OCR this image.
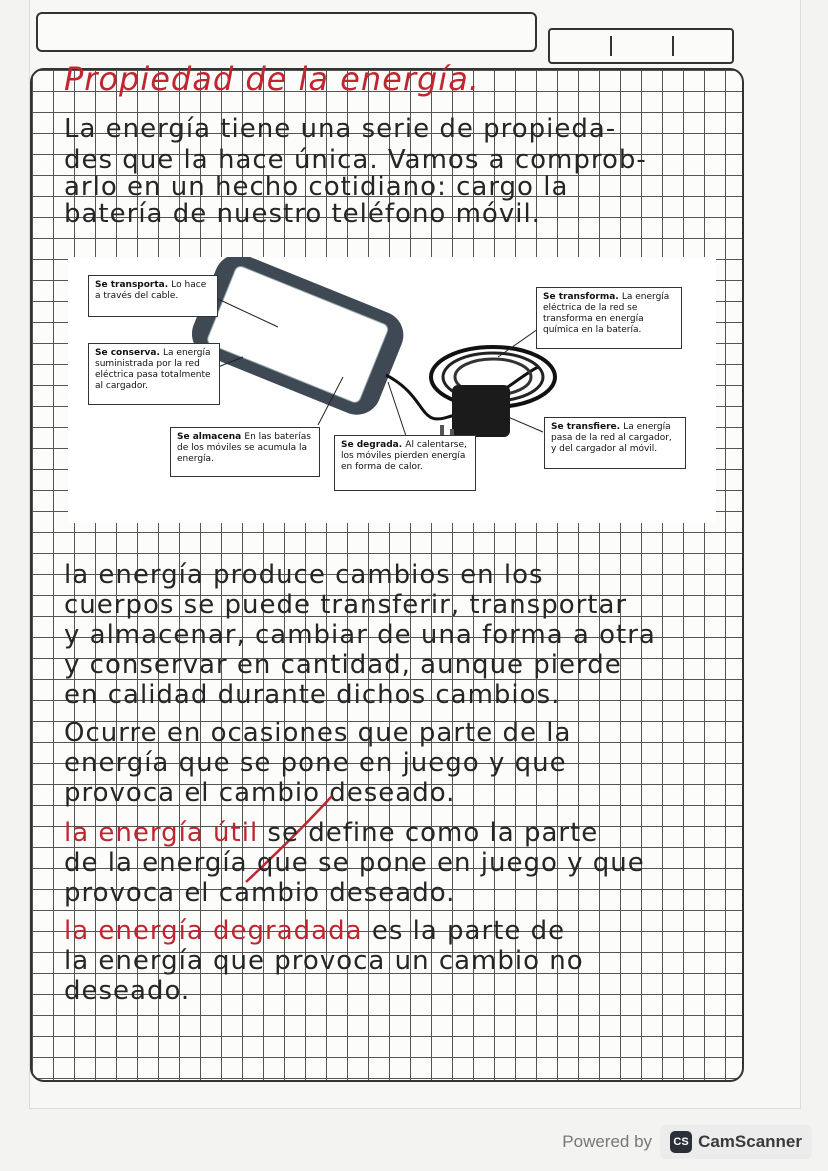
Propiedad de la energía.
La energía tiene una serie de propieda-
des que la hace única. Vamos a comprob-
arlo en un hecho cotidiano: cargo la
batería de nuestro teléfono móvil.
Se transporta. Lo hace a través del cable.
Se conserva. La energía suministrada por la red eléctrica pasa totalmente al cargador.
Se almacena En las baterías de los móviles se acumula la energía.
Se degrada. Al calentarse, los móviles pierden energía en forma de calor.
Se transforma. La energía eléctrica de la red se transforma en energía química en la batería.
Se transfiere. La energía pasa de la red al cargador, y del cargador al móvil.
la energía produce cambios en los
cuerpos se puede transferir, transportar
y almacenar, cambiar de una forma a otra
y conservar en cantidad, aunque pierde
en calidad durante dichos cambios.
Ocurre en ocasiones que parte de la
energía que se pone en juego y que
provoca el cambio deseado.
la energía útil se define como la parte
de la energía que se pone en juego y que
provoca el cambio deseado.
la energía degradada es la parte de
la energía que provoca un cambio no
deseado.
Powered by	CS CamScanner
